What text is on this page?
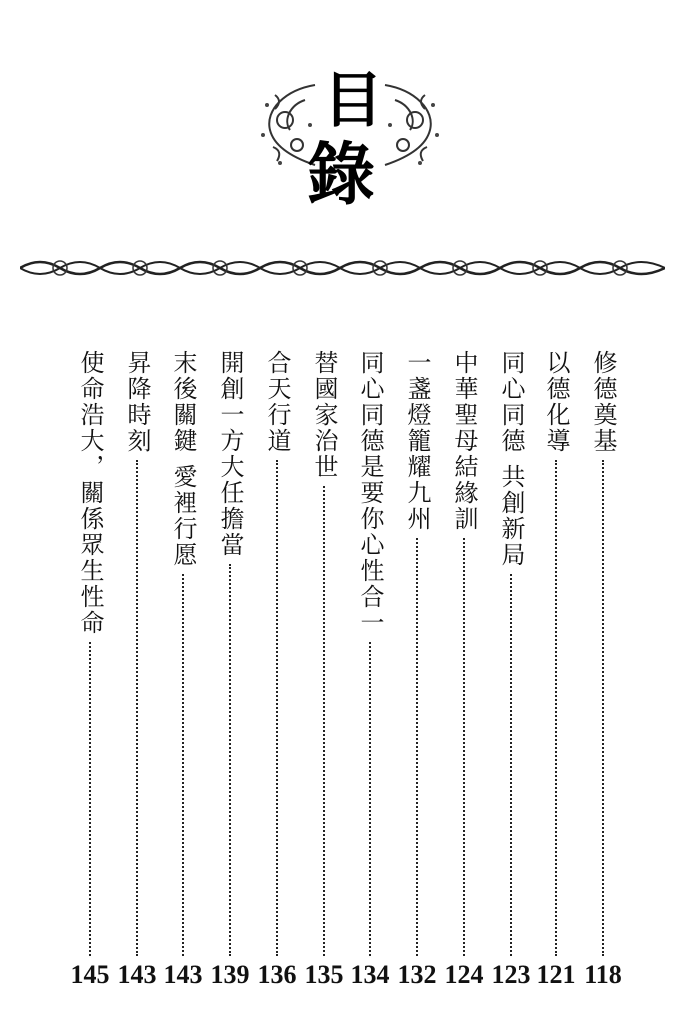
目
錄
修德奠基
118
以德化導
121
同心同德
共創新局
123
中華聖母結緣訓
124
一盞燈籠耀九州
132
同心同德是要你心性合一
134
替國家治世
135
合天行道
136
開創一方大任擔當
139
末後關鍵
愛裡行愿
143
昇降時刻
143
使命浩大，關係眾生性命
145
